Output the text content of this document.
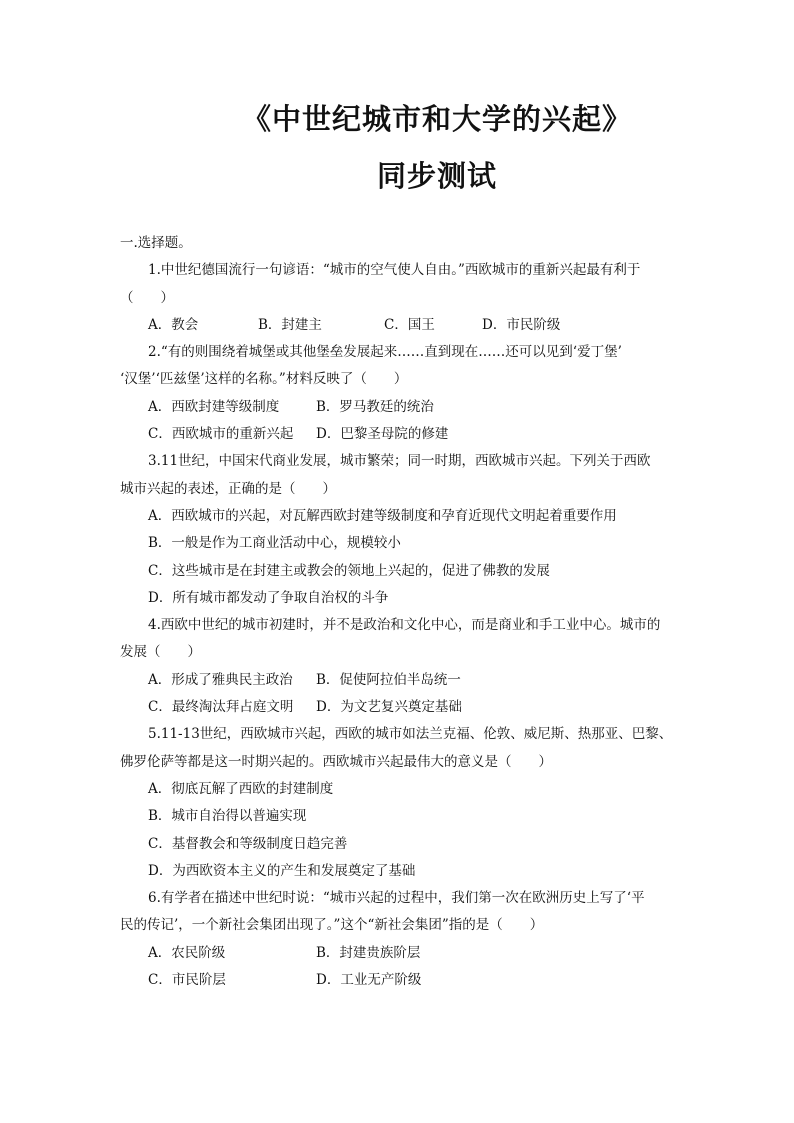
《中世纪城市和大学的兴起》
同步测试
一.选择题。
1.中世纪德国流行一句谚语：“城市的空气使人自由。”西欧城市的重新兴起最有利于
（　　）
A．教会	B．封建主	C．国王	D．市民阶级
2.“有的则围绕着城堡或其他堡垒发展起来……直到现在……还可以见到‘爱丁堡’
‘汉堡’‘匹兹堡’这样的名称。”材料反映了（　　）
A．西欧封建等级制度	B．罗马教廷的统治
C．西欧城市的重新兴起 D．巴黎圣母院的修建
3.11世纪，中国宋代商业发展，城市繁荣；同一时期，西欧城市兴起。下列关于西欧
城市兴起的表述，正确的是（　　）
A．西欧城市的兴起，对瓦解西欧封建等级制度和孕育近现代文明起着重要作用
B．一般是作为工商业活动中心，规模较小
C．这些城市是在封建主或教会的领地上兴起的，促进了佛教的发展
D．所有城市都发动了争取自治权的斗争
4.西欧中世纪的城市初建时，并不是政治和文化中心，而是商业和手工业中心。城市的
发展（　　）
A．形成了雅典民主政治 B．促使阿拉伯半岛统一
C．最终淘汰拜占庭文明 D．为文艺复兴奠定基础
5.11-13世纪，西欧城市兴起，西欧的城市如法兰克福、伦敦、威尼斯、热那亚、巴黎、
佛罗伦萨等都是这一时期兴起的。西欧城市兴起最伟大的意义是（　　）
A．彻底瓦解了西欧的封建制度
B．城市自治得以普遍实现
C．基督教会和等级制度日趋完善
D．为西欧资本主义的产生和发展奠定了基础
6.有学者在描述中世纪时说：“城市兴起的过程中，我们第一次在欧洲历史上写了‘平
民的传记’，一个新社会集团出现了。”这个“新社会集团”指的是（　　）
A．农民阶级	B．封建贵族阶层
C．市民阶层	D．工业无产阶级
